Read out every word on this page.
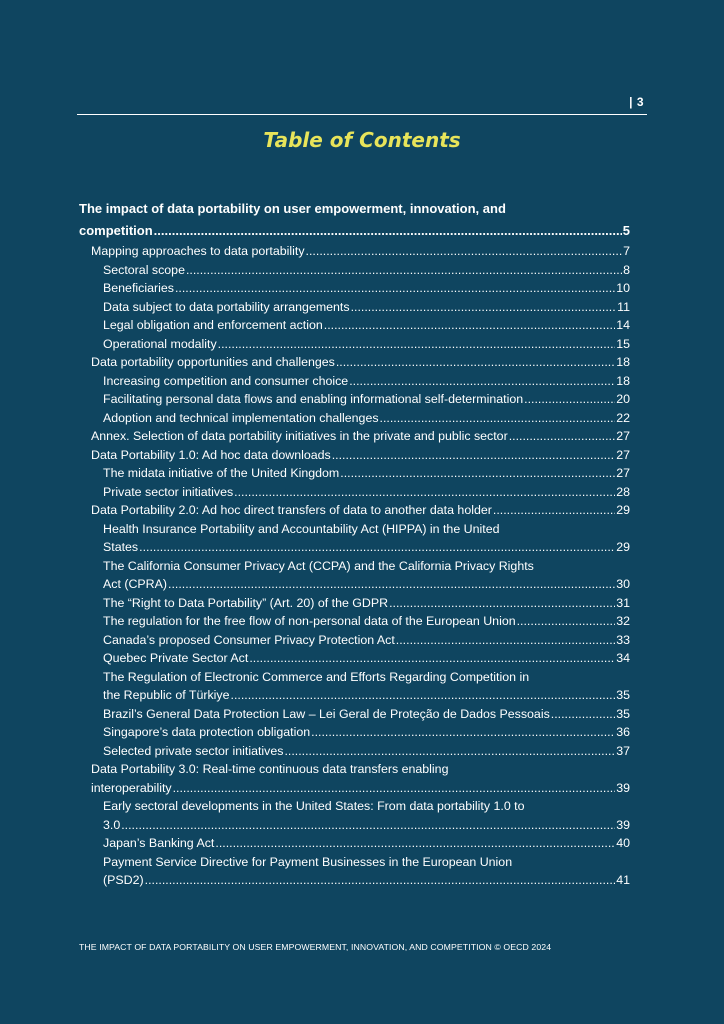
| 3
Table of Contents
The impact of data portability on user empowerment, innovation, and
competition .....	5
Mapping approaches to data portability .....	7
Sectoral scope .....	8
Beneficiaries .....	10
Data subject to data portability arrangements .....	11
Legal obligation and enforcement action .....	14
Operational modality .....	15
Data portability opportunities and challenges .....	18
Increasing competition and consumer choice .....	18
Facilitating personal data flows and enabling informational self-determination .....	20
Adoption and technical implementation challenges .....	22
Annex. Selection of data portability initiatives in the private and public sector .....	27
Data Portability 1.0: Ad hoc data downloads .....	27
The midata initiative of the United Kingdom .....	27
Private sector initiatives .....	28
Data Portability 2.0: Ad hoc direct transfers of data to another data holder .....	29
Health Insurance Portability and Accountability Act (HIPPA) in the United
States .....	29
The California Consumer Privacy Act (CCPA) and the California Privacy Rights
Act (CPRA) .....	30
The “Right to Data Portability” (Art. 20) of the GDPR .....	31
The regulation for the free flow of non-personal data of the European Union .....	32
Canada’s proposed Consumer Privacy Protection Act .....	33
Quebec Private Sector Act .....	34
The Regulation of Electronic Commerce and Efforts Regarding Competition in
the Republic of Türkiye .....	35
Brazil’s General Data Protection Law – Lei Geral de Proteção de Dados Pessoais .....	35
Singapore’s data protection obligation .....	36
Selected private sector initiatives .....	37
Data Portability 3.0: Real-time continuous data transfers enabling
interoperability .....	39
Early sectoral developments in the United States: From data portability 1.0 to
3.0 .....	39
Japan’s Banking Act .....	40
Payment Service Directive for Payment Businesses in the European Union
(PSD2) .....	41
THE IMPACT OF DATA PORTABILITY ON USER EMPOWERMENT, INNOVATION, AND COMPETITION © OECD 2024
